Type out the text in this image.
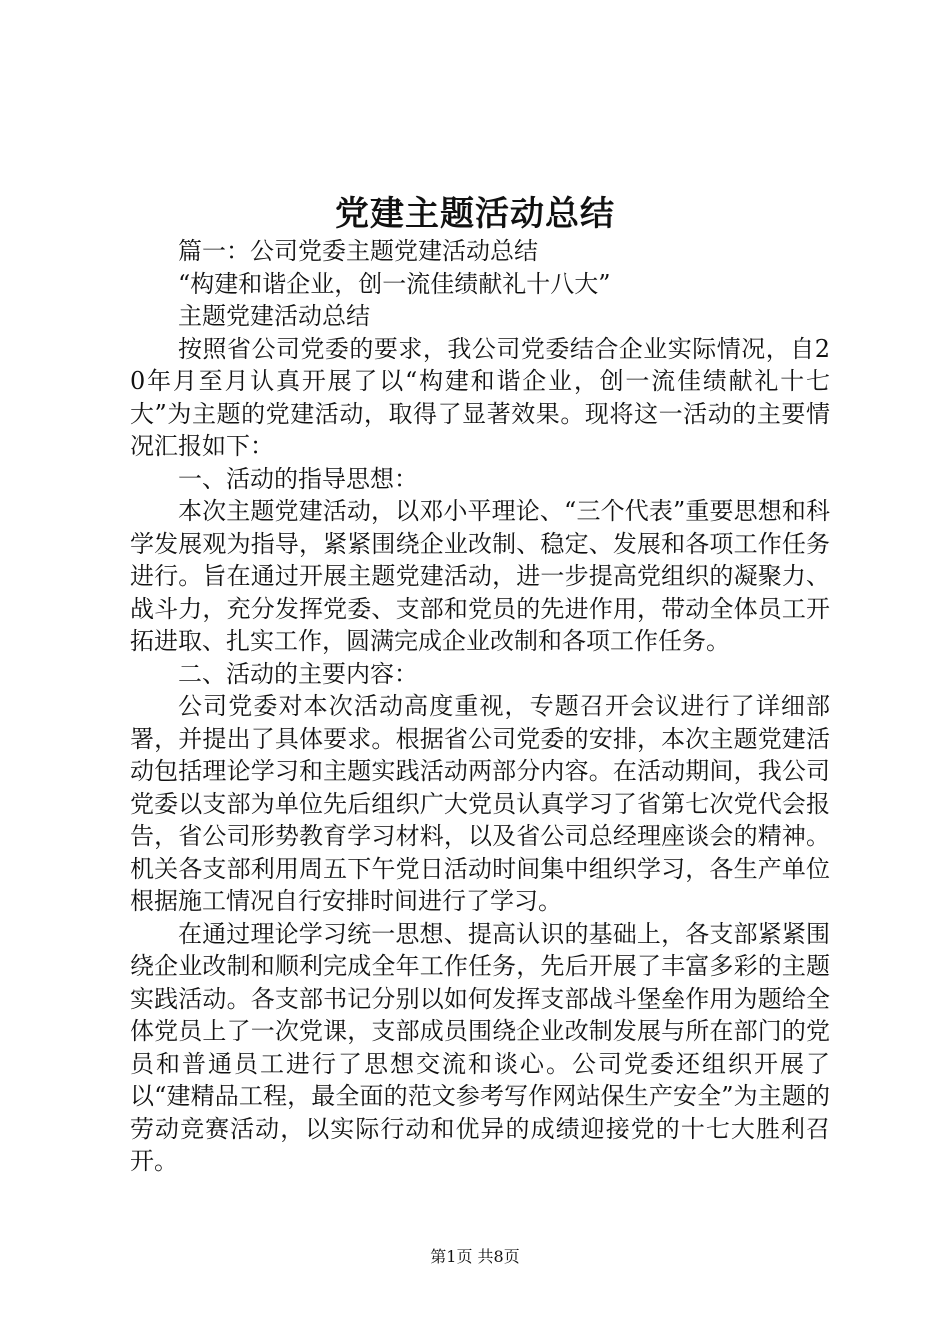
党建主题活动总结

篇一：公司党委主题党建活动总结

“构建和谐企业，创一流佳绩献礼十八大”

主题党建活动总结

按照省公司党委的要求，我公司党委结合企业实际情况，自20年月至月认真开展了以“构建和谐企业，创一流佳绩献礼十七大”为主题的党建活动，取得了显著效果。现将这一活动的主要情况汇报如下：

一、活动的指导思想：

本次主题党建活动，以邓小平理论、“三个代表”重要思想和科学发展观为指导，紧紧围绕企业改制、稳定、发展和各项工作任务进行。旨在通过开展主题党建活动，进一步提高党组织的凝聚力、战斗力，充分发挥党委、支部和党员的先进作用，带动全体员工开拓进取、扎实工作，圆满完成企业改制和各项工作任务。

二、活动的主要内容：

公司党委对本次活动高度重视，专题召开会议进行了详细部署，并提出了具体要求。根据省公司党委的安排，本次主题党建活动包括理论学习和主题实践活动两部分内容。在活动期间，我公司党委以支部为单位先后组织广大党员认真学习了省第七次党代会报告，省公司形势教育学习材料，以及省公司总经理座谈会的精神。机关各支部利用周五下午党日活动时间集中组织学习，各生产单位根据施工情况自行安排时间进行了学习。

在通过理论学习统一思想、提高认识的基础上，各支部紧紧围绕企业改制和顺利完成全年工作任务，先后开展了丰富多彩的主题实践活动。各支部书记分别以如何发挥支部战斗堡垒作用为题给全体党员上了一次党课，支部成员围绕企业改制发展与所在部门的党员和普通员工进行了思想交流和谈心。公司党委还组织开展了以“建精品工程，最全面的范文参考写作网站保生产安全”为主题的劳动竞赛活动，以实际行动和优异的成绩迎接党的十七大胜利召开。

第1页 共8页
